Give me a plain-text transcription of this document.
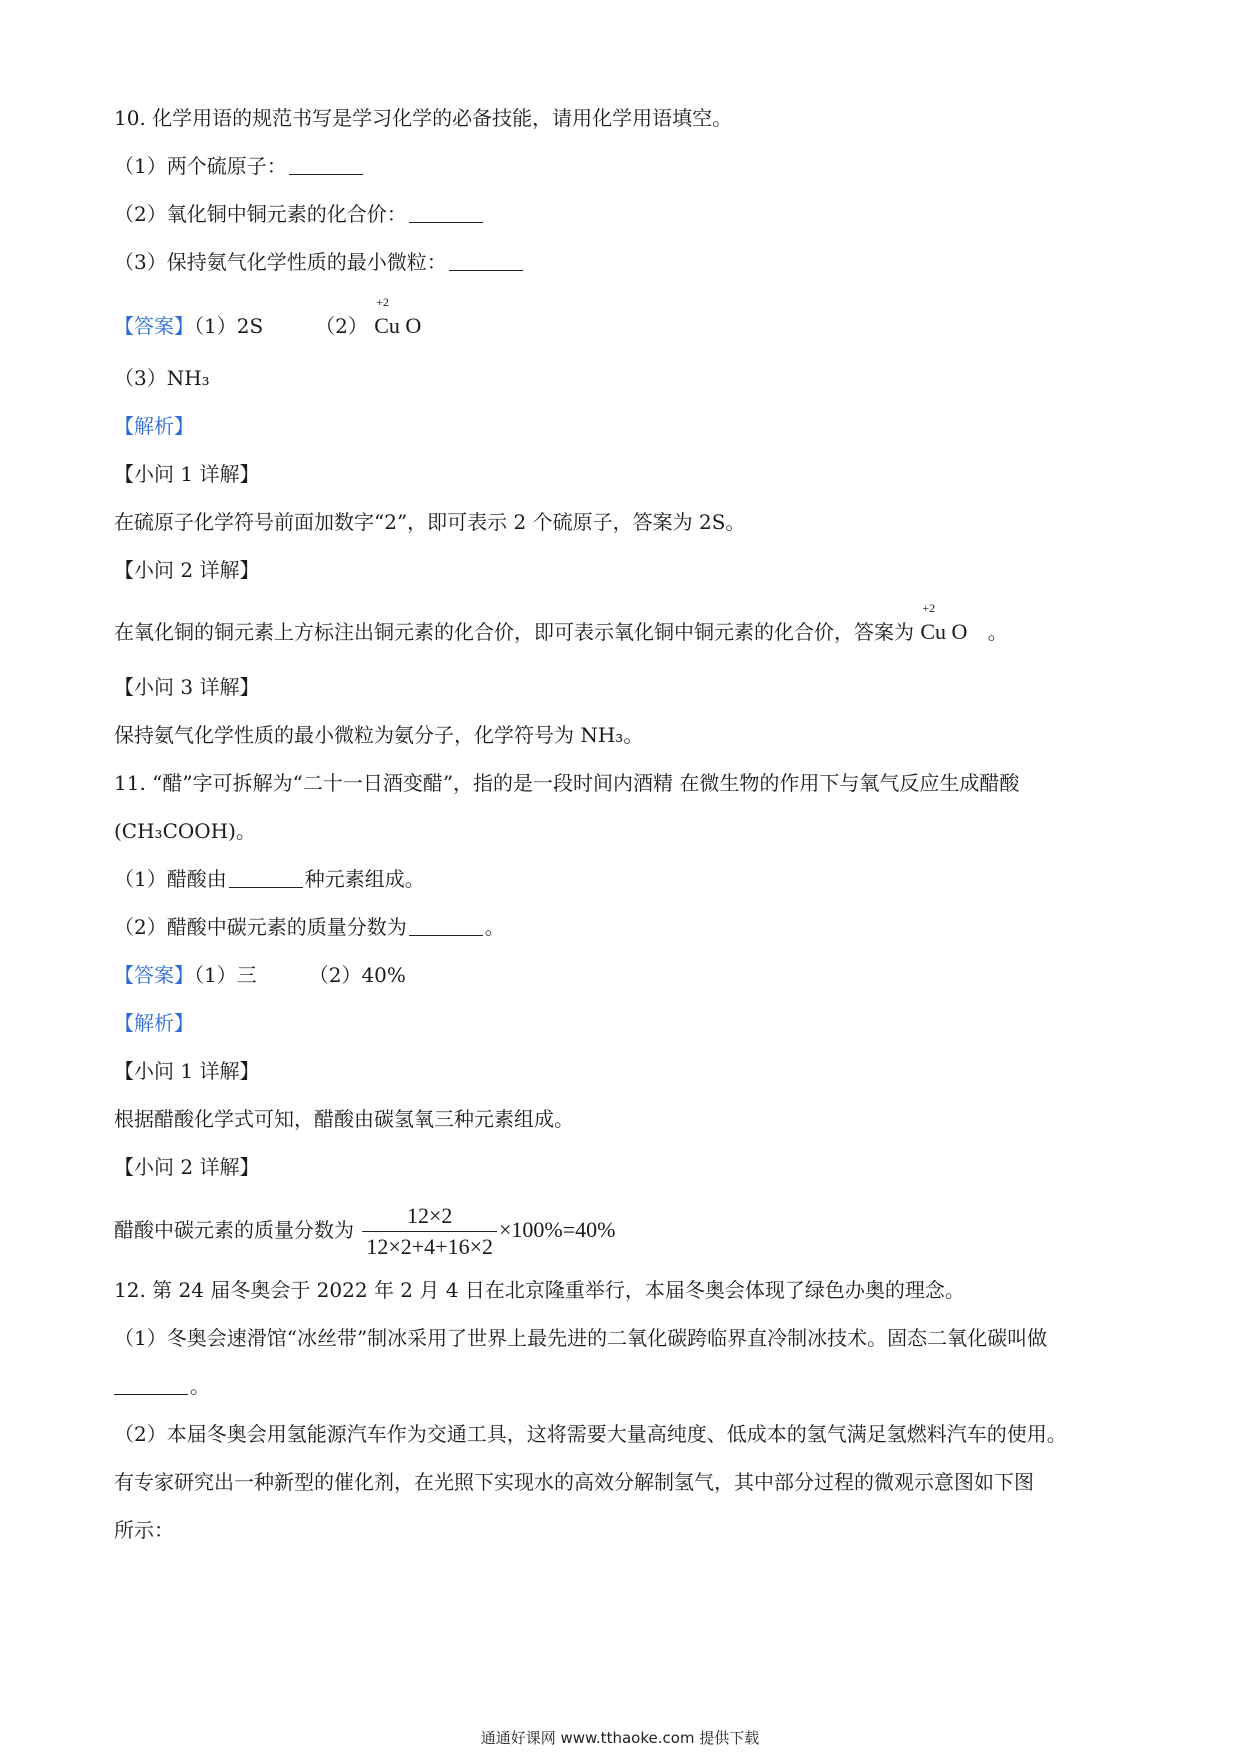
10. 化学用语的规范书写是学习化学的必备技能，请用化学用语填空。
（1）两个硫原子：
（2）氧化铜中铜元素的化合价：
（3）保持氨气化学性质的最小微粒：
【答案】（1）2S	（2）
+2
Cu O
（3）NH₃
【解析】
【小问 1 详解】
在硫原子化学符号前面加数字“2”，即可表示 2 个硫原子，答案为 2S。
【小问 2 详解】
在氧化铜的铜元素上方标注出铜元素的化合价，即可表示氧化铜中铜元素的化合价，答案为
+2
Cu O 。
【小问 3 详解】
保持氨气化学性质的最小微粒为氨分子，化学符号为 NH₃。
11. “醋”字可拆解为“二十一日酒变醋”，指的是一段时间内酒精 在微生物的作用下与氧气反应生成醋酸
(CH₃COOH)。
（1）醋酸由	种元素组成。
（2）醋酸中碳元素的质量分数为	。
【答案】（1）三	（2）40%
【解析】
【小问 1 详解】
根据醋酸化学式可知，醋酸由碳氢氧三种元素组成。
【小问 2 详解】
醋酸中碳元素的质量分数为 $\frac{12\times 2}{12\times 2+4+16\times 2} \times 100\%=40\%$
12. 第 24 届冬奥会于 2022 年 2 月 4 日在北京隆重举行，本届冬奥会体现了绿色办奥的理念。
（1）冬奥会速滑馆“冰丝带”制冰采用了世界上最先进的二氧化碳跨临界直冷制冰技术。固态二氧化碳叫做
。
（2）本届冬奥会用氢能源汽车作为交通工具，这将需要大量高纯度、低成本的氢气满足氢燃料汽车的使用。
有专家研究出一种新型的催化剂，在光照下实现水的高效分解制氢气，其中部分过程的微观示意图如下图
所示：
通通好课网 www.tthaoke.com 提供下载
